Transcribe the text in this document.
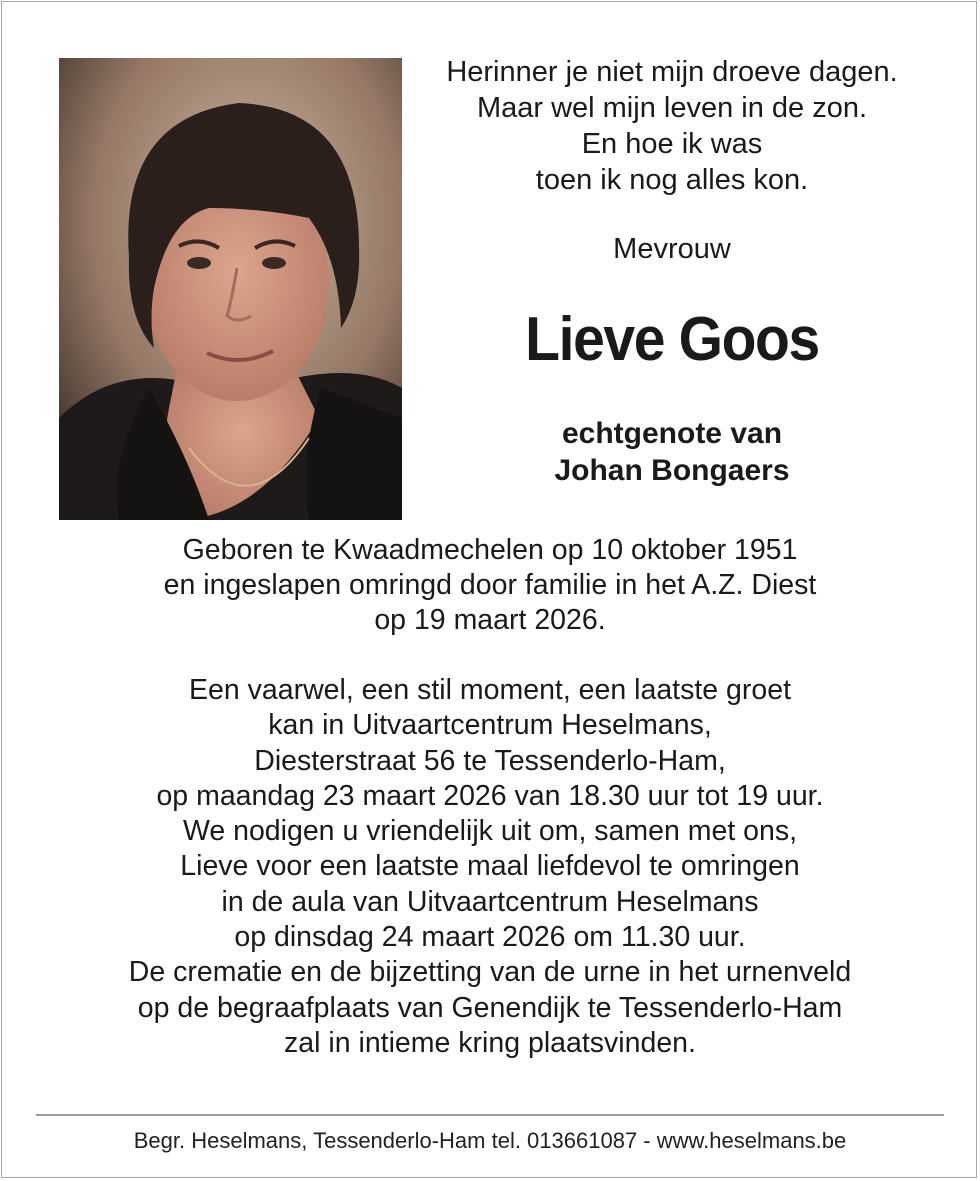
Herinner je niet mijn droeve dagen.
Maar wel mijn leven in de zon.
En hoe ik was
toen ik nog alles kon.
Mevrouw
Lieve Goos
echtgenote van
Johan Bongaers
Geboren te Kwaadmechelen op 10 oktober 1951
en ingeslapen omringd door familie in het A.Z. Diest
op 19 maart 2026.
Een vaarwel, een stil moment, een laatste groet
kan in Uitvaartcentrum Heselmans,
Diesterstraat 56 te Tessenderlo-Ham,
op maandag 23 maart 2026 van 18.30 uur tot 19 uur.
We nodigen u vriendelijk uit om, samen met ons,
Lieve voor een laatste maal liefdevol te omringen
in de aula van Uitvaartcentrum Heselmans
op dinsdag 24 maart 2026 om 11.30 uur.
De crematie en de bijzetting van de urne in het urnenveld
op de begraafplaats van Genendijk te Tessenderlo-Ham
zal in intieme kring plaatsvinden.
Begr. Heselmans, Tessenderlo-Ham tel. 013661087 - www.heselmans.be
